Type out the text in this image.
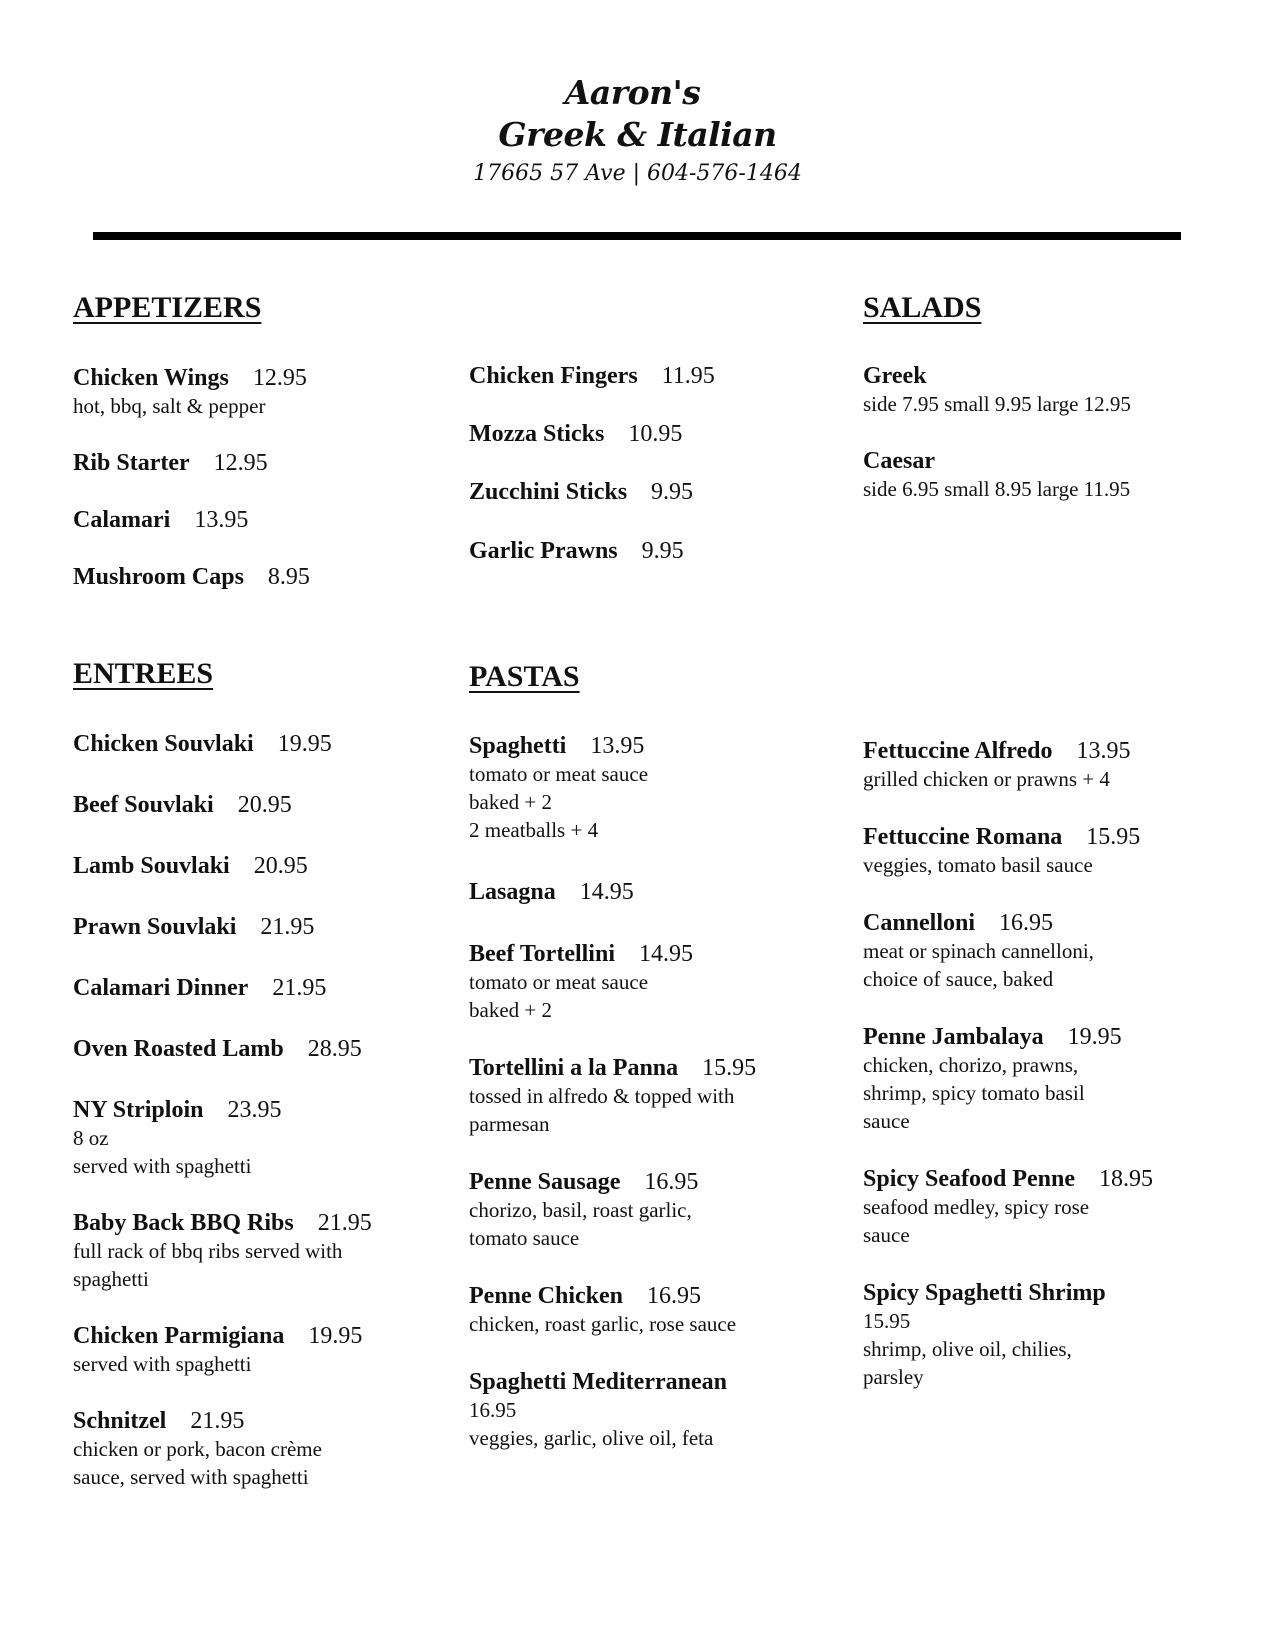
Aaron's
Greek & Italian
17665 57 Ave | 604-576-1464
APPETIZERS	SALADS
ENTREES	PASTAS
Chicken Wings 12.95
hot, bbq, salt & pepper
Rib Starter 12.95
Calamari 13.95
Mushroom Caps 8.95
Chicken Fingers 11.95
Mozza Sticks 10.95
Zucchini Sticks 9.95
Garlic Prawns 9.95
Greek
side 7.95 small 9.95 large 12.95
Caesar
side 6.95 small 8.95 large 11.95
Chicken Souvlaki 19.95
Beef Souvlaki 20.95
Lamb Souvlaki 20.95
Prawn Souvlaki 21.95
Calamari Dinner 21.95
Oven Roasted Lamb 28.95
NY Striploin 23.95
8 oz
served with spaghetti
Baby Back BBQ Ribs 21.95
full rack of bbq ribs served with
spaghetti
Chicken Parmigiana 19.95
served with spaghetti
Schnitzel 21.95
chicken or pork, bacon crème
sauce, served with spaghetti
Spaghetti 13.95
tomato or meat sauce
baked + 2
2 meatballs + 4
Lasagna 14.95
Beef Tortellini 14.95
tomato or meat sauce
baked + 2
Tortellini a la Panna 15.95
tossed in alfredo & topped with
parmesan
Penne Sausage 16.95
chorizo, basil, roast garlic,
tomato sauce
Penne Chicken 16.95
chicken, roast garlic, rose sauce
Spaghetti Mediterranean
16.95
veggies, garlic, olive oil, feta
Fettuccine Alfredo 13.95
grilled chicken or prawns + 4
Fettuccine Romana 15.95
veggies, tomato basil sauce
Cannelloni 16.95
meat or spinach cannelloni,
choice of sauce, baked
Penne Jambalaya 19.95
chicken, chorizo, prawns,
shrimp, spicy tomato basil
sauce
Spicy Seafood Penne 18.95
seafood medley, spicy rose
sauce
Spicy Spaghetti Shrimp
15.95
shrimp, olive oil, chilies,
parsley
